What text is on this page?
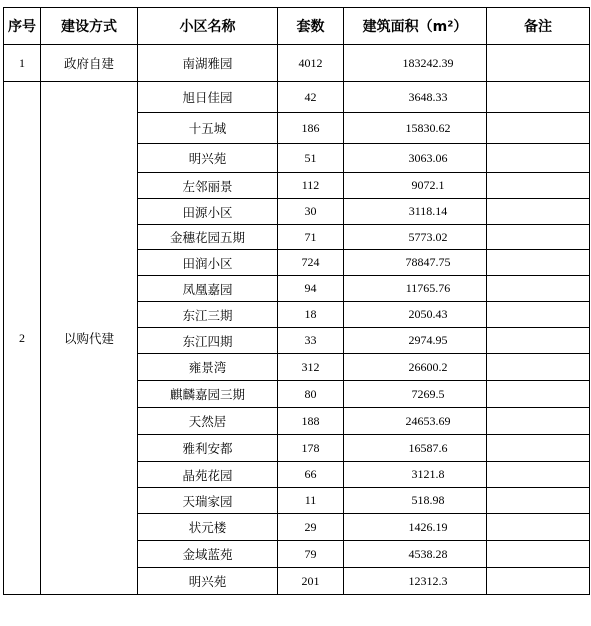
序号	建设方式	小区名称	套数	建筑面积（m²）	备注
1	政府自建	南湖雅园	4012	183242.39	
2	以购代建	旭日佳园	42	3648.33	
		十五城	186	15830.62	
		明兴苑	51	3063.06	
		左邻丽景	112	9072.1	
		田源小区	30	3118.14	
		金穗花园五期	71	5773.02	
		田润小区	724	78847.75	
		凤凰嘉园	94	11765.76	
		东江三期	18	2050.43	
		东江四期	33	2974.95	
		雍景湾	312	26600.2	
		麒麟嘉园三期	80	7269.5	
		天然居	188	24653.69	
		雅利安都	178	16587.6	
		晶苑花园	66	3121.8	
		天瑞家园	11	518.98	
		状元楼	29	1426.19	
		金域蓝苑	79	4538.28	
		明兴苑	201	12312.3	
